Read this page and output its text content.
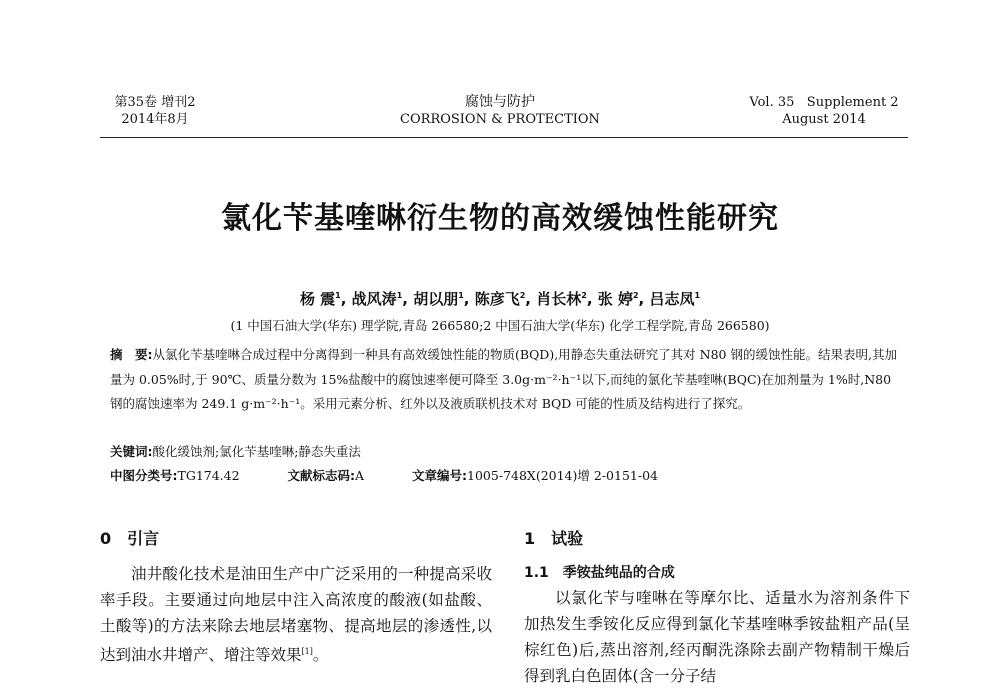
第35卷 增刊2
2014年8月
腐蚀与防护
CORROSION & PROTECTION
Vol. 35   Supplement 2
August 2014
氯化苄基喹啉衍生物的高效缓蚀性能研究
杨 震$^1$, 战风涛$^1$, 胡以朋$^1$, 陈彦飞$^2$, 肖长林$^2$, 张 婷$^2$, 吕志凤$^1$
(1 中国石油大学(华东) 理学院,青岛 266580;2 中国石油大学(华东) 化学工程学院,青岛 266580)
摘　要:从氯化苄基喹啉合成过程中分离得到一种具有高效缓蚀性能的物质(BQD),用静态失重法研究了其对 N80 钢的缓蚀性能。结果表明,其加量为 0.05%时,于 90℃、质量分数为 15%盐酸中的腐蚀速率便可降至 3.0g·m⁻²·h⁻¹以下,而纯的氯化苄基喹啉(BQC)在加剂量为 1%时,N80 钢的腐蚀速率为 249.1 g·m⁻²·h⁻¹。采用元素分析、红外以及液质联机技术对 BQD 可能的性质及结构进行了探究。
关键词:酸化缓蚀剂;氯化苄基喹啉;静态失重法
中图分类号:TG174.42	文献标志码:A	文章编号:1005-748X(2014)增 2-0151-04
0　引言
油井酸化技术是油田生产中广泛采用的一种提高采收率手段。主要通过向地层中注入高浓度的酸液(如盐酸、土酸等)的方法来除去地层堵塞物、提高地层的渗透性,以达到油水井增产、增注等效果[1]。
1　试验
1.1　季铵盐纯品的合成
以氯化苄与喹啉在等摩尔比、适量水为溶剂条件下加热发生季铵化反应得到氯化苄基喹啉季铵盐粗产品(呈棕红色)后,蒸出溶剂,经丙酮洗涤除去副产物精制干燥后得到乳白色固体(含一分子结
